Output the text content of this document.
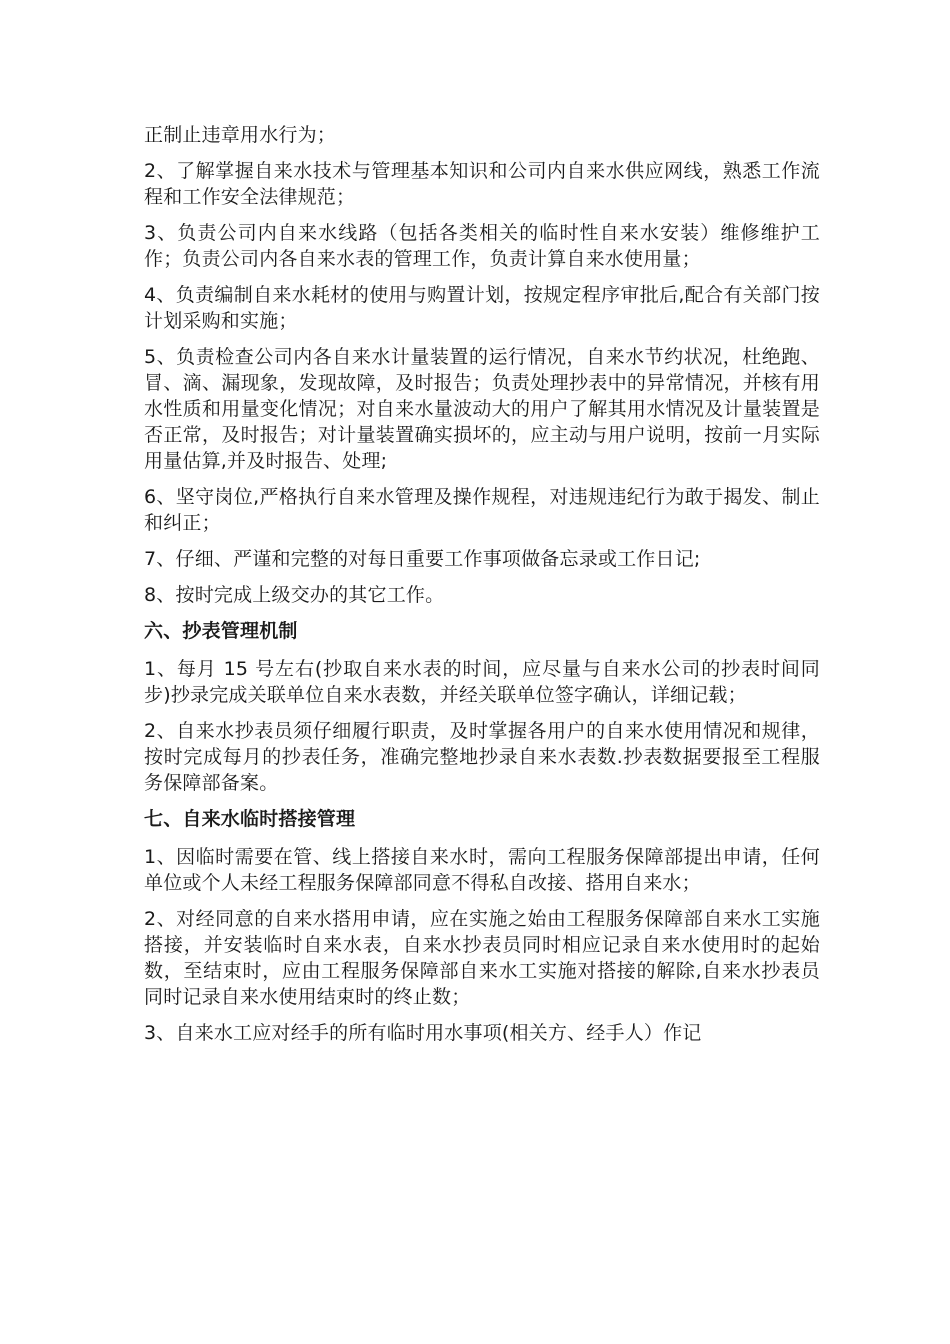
正制止违章用水行为；

2、了解掌握自来水技术与管理基本知识和公司内自来水供应网线，熟悉工作流程和工作安全法律规范；

3、负责公司内自来水线路（包括各类相关的临时性自来水安装）维修维护工作；负责公司内各自来水表的管理工作，负责计算自来水使用量；

4、负责编制自来水耗材的使用与购置计划，按规定程序审批后,配合有关部门按计划采购和实施；

5、负责检查公司内各自来水计量装置的运行情况，自来水节约状况，杜绝跑、冒、滴、漏现象，发现故障，及时报告；负责处理抄表中的异常情况，并核有用水性质和用量变化情况；对自来水量波动大的用户了解其用水情况及计量装置是否正常，及时报告；对计量装置确实损坏的，应主动与用户说明，按前一月实际用量估算,并及时报告、处理;

6、坚守岗位,严格执行自来水管理及操作规程，对违规违纪行为敢于揭发、制止和纠正；

7、仔细、严谨和完整的对每日重要工作事项做备忘录或工作日记;

8、按时完成上级交办的其它工作。

六、抄表管理机制

1、每月 15 号左右(抄取自来水表的时间，应尽量与自来水公司的抄表时间同步)抄录完成关联单位自来水表数，并经关联单位签字确认，详细记载；

2、自来水抄表员须仔细履行职责，及时掌握各用户的自来水使用情况和规律，按时完成每月的抄表任务，准确完整地抄录自来水表数.抄表数据要报至工程服务保障部备案。

七、自来水临时搭接管理

1、因临时需要在管、线上搭接自来水时，需向工程服务保障部提出申请，任何单位或个人未经工程服务保障部同意不得私自改接、搭用自来水；

2、对经同意的自来水搭用申请，应在实施之始由工程服务保障部自来水工实施搭接，并安装临时自来水表，自来水抄表员同时相应记录自来水使用时的起始数，至结束时，应由工程服务保障部自来水工实施对搭接的解除,自来水抄表员同时记录自来水使用结束时的终止数；

3、自来水工应对经手的所有临时用水事项(相关方、经手人）作记
